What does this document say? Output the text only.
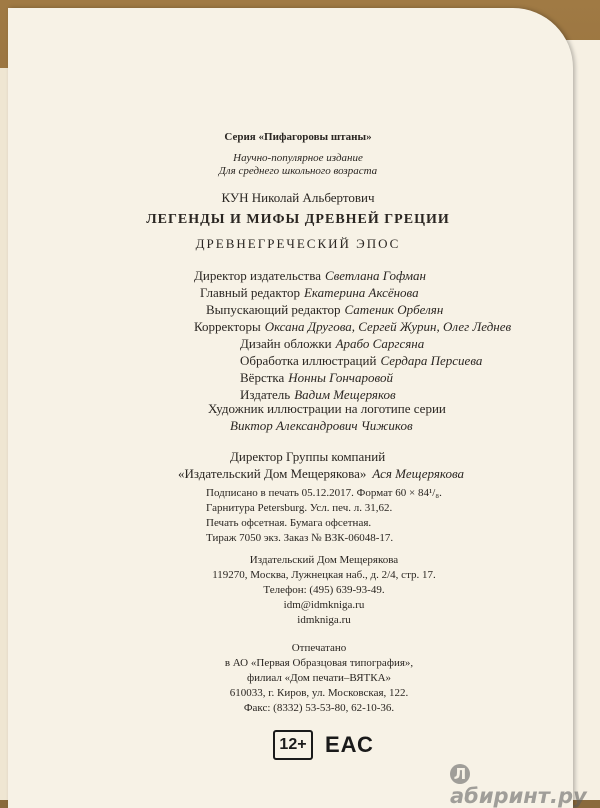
Серия «Пифагоровы штаны»
Научно-популярное издание
Для среднего школьного возраста
КУН Николай Альбертович
ЛЕГЕНДЫ И МИФЫ ДРЕВНЕЙ ГРЕЦИИ
ДРЕВНЕГРЕЧЕСКИЙ ЭПОС
Директор издательства Светлана Гофман
Главный редактор Екатерина Аксёнова
Выпускающий редактор Сатеник Орбелян
Корректоры Оксана Другова, Сергей Журин, Олег Леднев
Дизайн обложки Арабо Саргсяна
Обработка иллюстраций Сердара Персиева
Вёрстка Нонны Гончаровой
Издатель Вадим Мещеряков
Художник иллюстрации на логотипе серии
Виктор Александрович Чижиков
Директор Группы компаний
«Издательский Дом Мещерякова» Ася Мещерякова
Подписано в печать 05.12.2017. Формат 60 × 84¹/₈.
Гарнитура Petersburg. Усл. печ. л. 31,62.
Печать офсетная. Бумага офсетная.
Тираж 7050 экз. Заказ № ВЗК-06048-17.
Издательский Дом Мещерякова
119270, Москва, Лужнецкая наб., д. 2/4, стр. 17.
Телефон: (495) 639-93-49.
idm@idmkniga.ru
idmkniga.ru
Отпечатано
в АО «Первая Образцовая типография»,
филиал «Дом печати–ВЯТКА»
610033, г. Киров, ул. Московская, 122.
Факс: (8332) 53-53-80, 62-10-36.
12+ ЕАС
Лабиринт.ру
